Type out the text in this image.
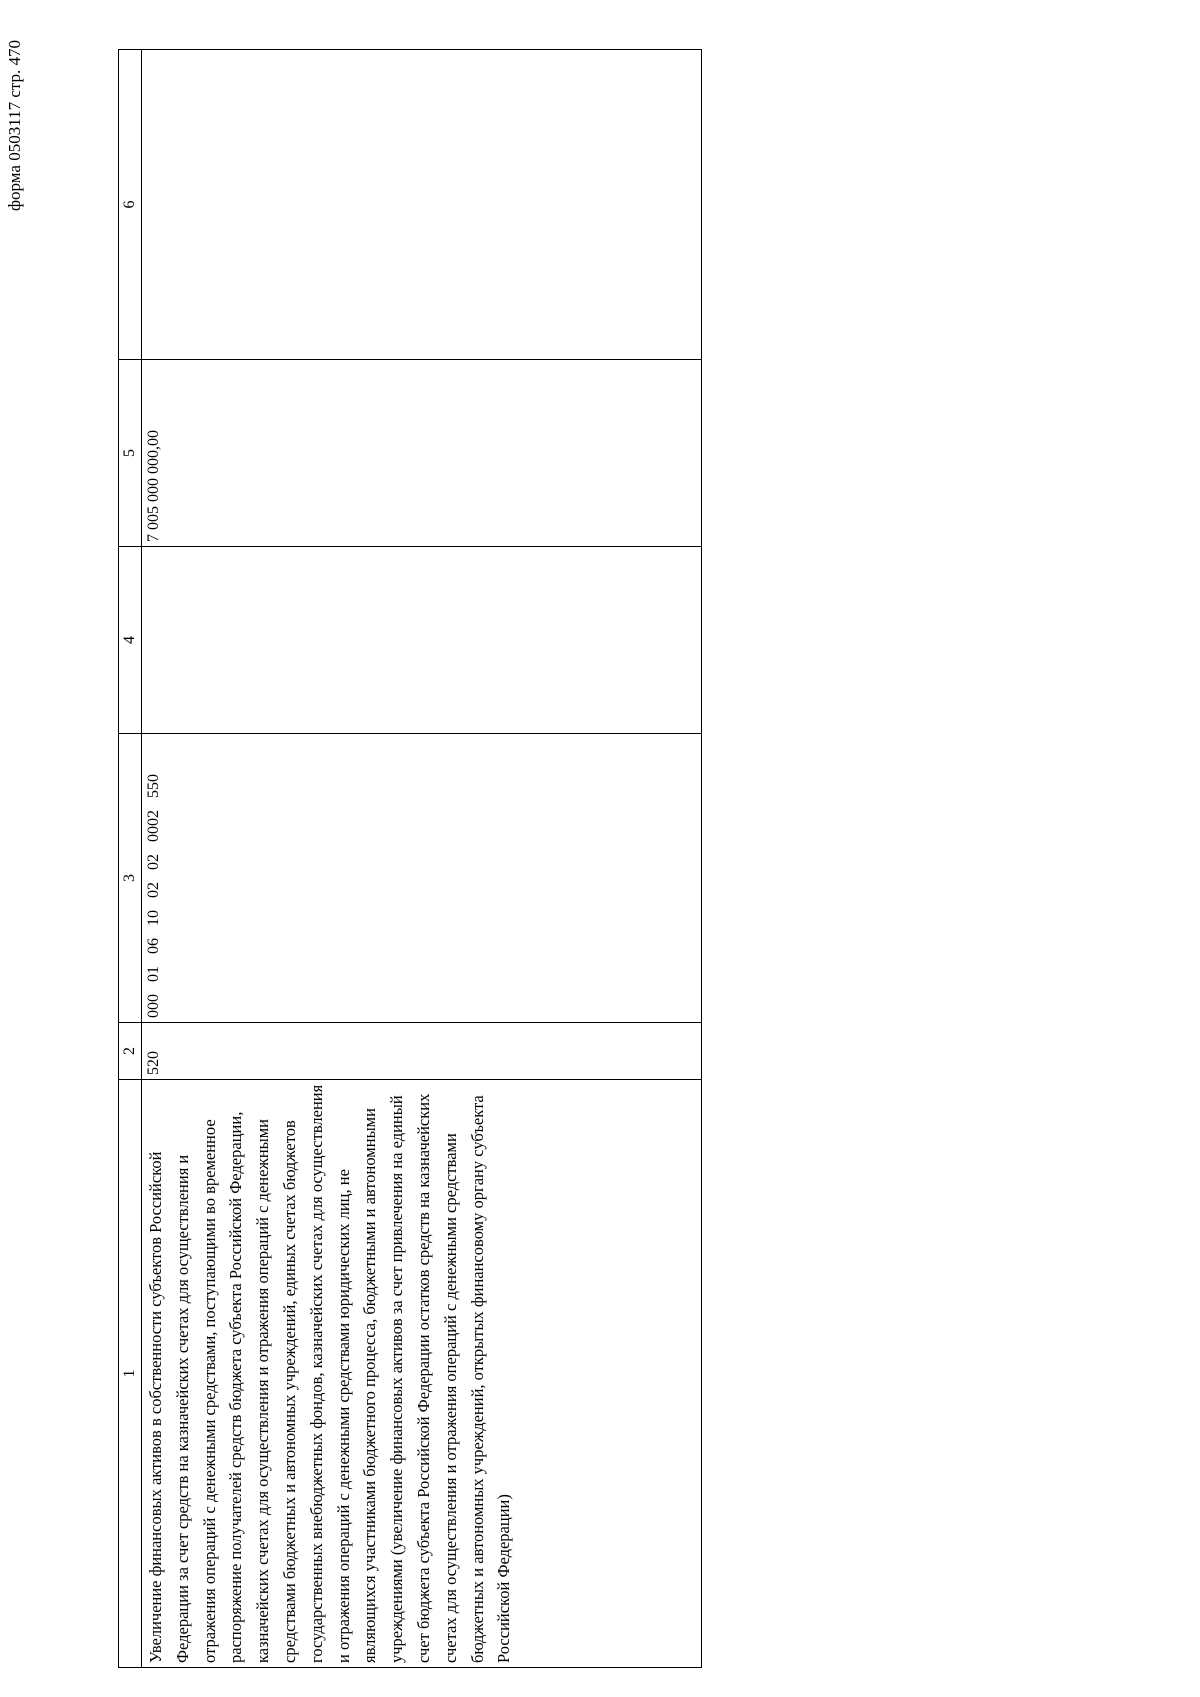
форма 0503117 стр. 470
1	2	3	4	5	6
Увеличение финансовых активов в собственности субъектов Российской Федерации за счет средств на казначейских счетах для осуществления и отражения операций с денежными средствами, поступающими во временное распоряжение получателей средств бюджета субъекта Российской Федерации, казначейских счетах для осуществления и отражения операций с денежными средствами бюджетных и автономных учреждений, единых счетах бюджетов государственных внебюджетных фондов, казначейских счетах для осуществления и отражения операций с денежными средствами юридических лиц, не являющихся участниками бюджетного процесса, бюджетными и автономными учреждениями (увеличение финансовых активов за счет привлечения на единый счет бюджета субъекта Российской Федерации остатков средств на казначейских счетах для осуществления и отражения операций с денежными средствами бюджетных и автономных учреждений, открытых финансовому органу субъекта Российской Федерации)	520	000  01  06  10  02  02  0002  550		7 005 000 000,00	
